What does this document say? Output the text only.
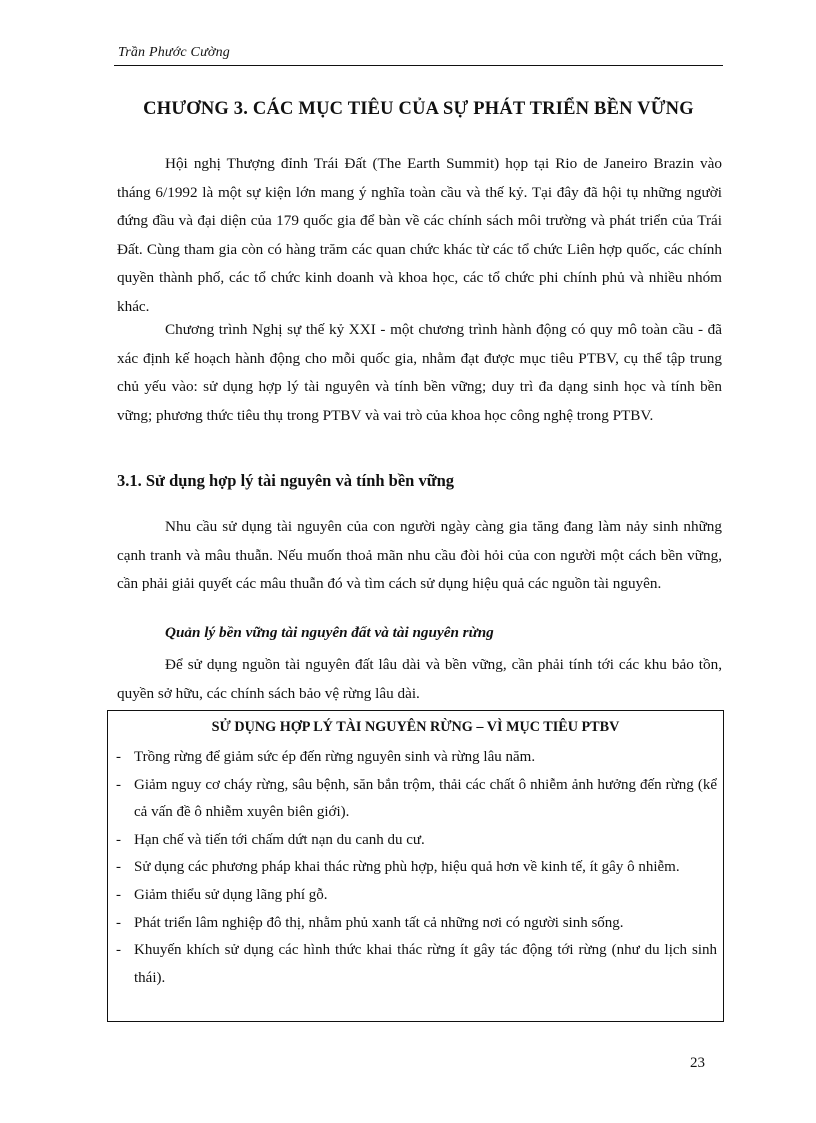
Trần Phước Cường
CHƯƠNG 3. CÁC MỤC TIÊU CỦA SỰ PHÁT TRIỂN BỀN VỮNG

Hội nghị Thượng đỉnh Trái Đất (The Earth Summit) họp tại Rio de Janeiro Brazin vào tháng 6/1992 là một sự kiện lớn mang ý nghĩa toàn cầu và thế kỷ. Tại đây đã hội tụ những người đứng đầu và đại diện của 179 quốc gia để bàn về các chính sách môi trường và phát triển của Trái Đất. Cùng tham gia còn có hàng trăm các quan chức khác từ các tổ chức Liên hợp quốc, các chính quyền thành phố, các tổ chức kinh doanh và khoa học, các tổ chức phi chính phủ và nhiều nhóm khác.

Chương trình Nghị sự thế kỷ XXI - một chương trình hành động có quy mô toàn cầu - đã xác định kế hoạch hành động cho mỗi quốc gia, nhằm đạt được mục tiêu PTBV, cụ thể tập trung chủ yếu vào: sử dụng hợp lý tài nguyên và tính bền vững; duy trì đa dạng sinh học và tính bền vững; phương thức tiêu thụ trong PTBV và vai trò của khoa học công nghệ trong PTBV.

3.1. Sử dụng hợp lý tài nguyên và tính bền vững

Nhu cầu sử dụng tài nguyên của con người ngày càng gia tăng đang làm nảy sinh những cạnh tranh và mâu thuẫn. Nếu muốn thoả mãn nhu cầu đòi hỏi của con người một cách bền vững, cần phải giải quyết các mâu thuẫn đó và tìm cách sử dụng hiệu quả các nguồn tài nguyên.

Quản lý bền vững tài nguyên đất và tài nguyên rừng

Để sử dụng nguồn tài nguyên đất lâu dài và bền vững, cần phải tính tới các khu bảo tồn, quyền sở hữu, các chính sách bảo vệ rừng lâu dài.

SỬ DỤNG HỢP LÝ TÀI NGUYÊN RỪNG – VÌ MỤC TIÊU PTBV
- Trồng rừng để giảm sức ép đến rừng nguyên sinh và rừng lâu năm.
- Giảm nguy cơ cháy rừng, sâu bệnh, săn bắn trộm, thải các chất ô nhiễm ảnh hưởng đến rừng (kể cả vấn đề ô nhiễm xuyên biên giới).
- Hạn chế và tiến tới chấm dứt nạn du canh du cư.
- Sử dụng các phương pháp khai thác rừng phù hợp, hiệu quả hơn về kinh tế, ít gây ô nhiễm.
- Giảm thiểu sử dụng lãng phí gỗ.
- Phát triển lâm nghiệp đô thị, nhằm phủ xanh tất cả những nơi có người sinh sống.
- Khuyến khích sử dụng các hình thức khai thác rừng ít gây tác động tới rừng (như du lịch sinh thái).
23
